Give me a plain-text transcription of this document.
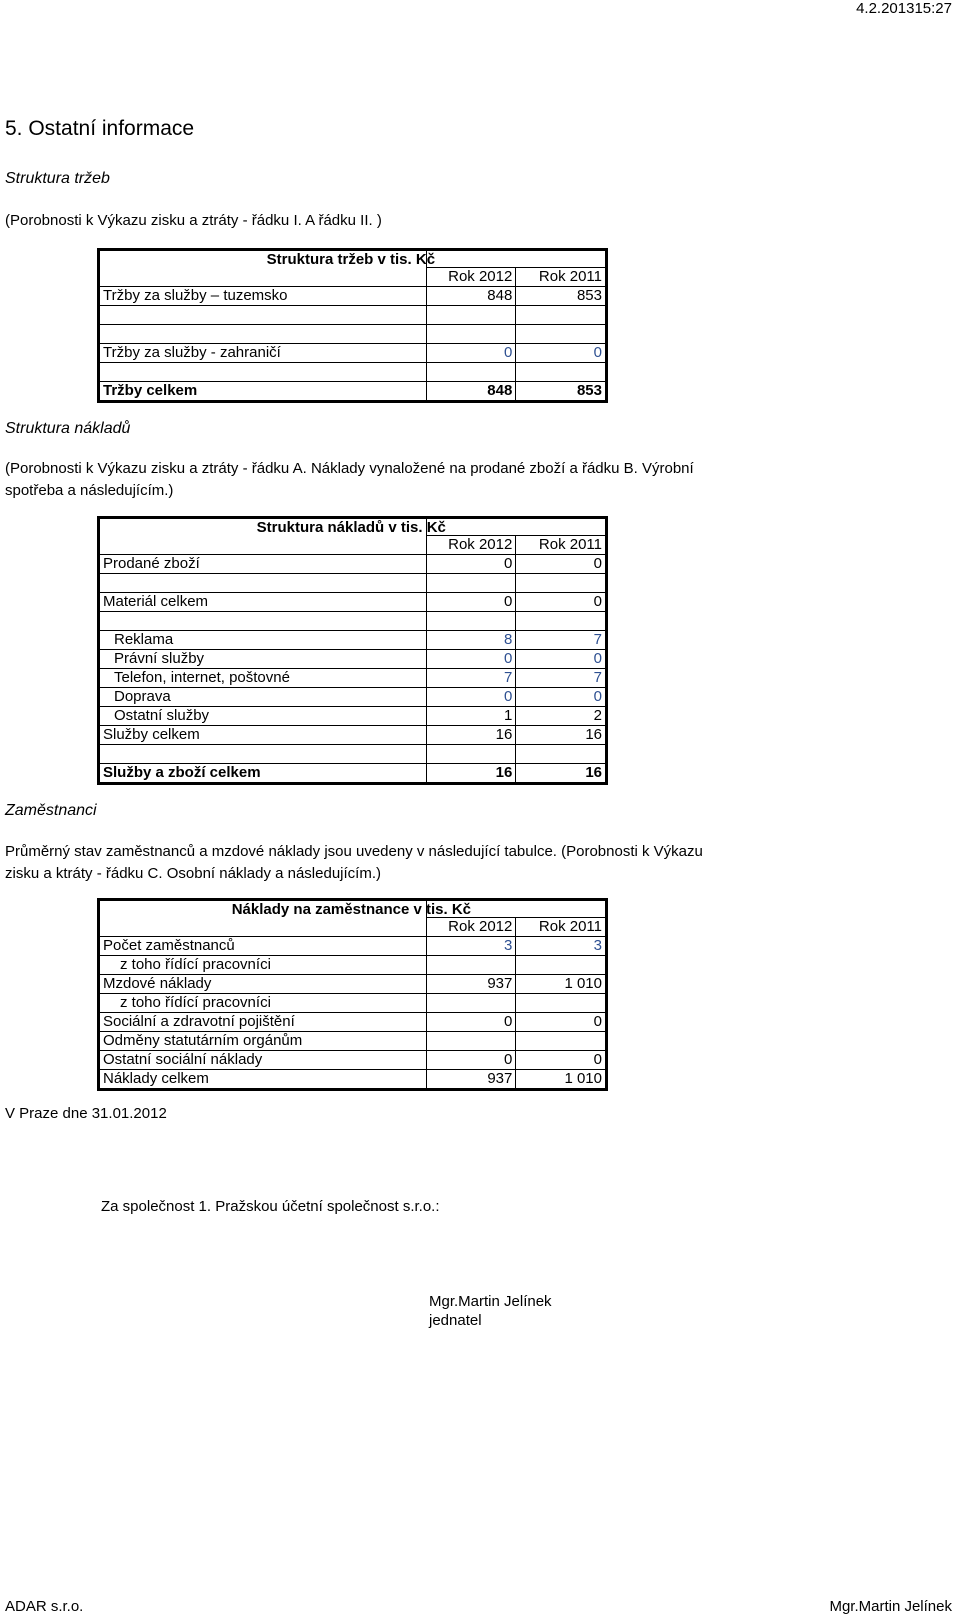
4.2.201315:27
5. Ostatní informace
Struktura tržeb
(Porobnosti k Výkazu zisku a ztráty - řádku I. A řádku II. )

	Struktura tržeb v tis. Kč	

	Rok 2012	Rok 2011
Tržby za služby – tuzemsko	848	853

Tržby za služby - zahraničí	0	0

Tržby celkem	848	853
Struktura nákladů
(Porobnosti k Výkazu zisku a ztráty - řádku A. Náklady vynaložené na prodané zboží a řádku B. Výrobní spotřeba a následujícím.)

	Struktura nákladů v tis. Kč	

	Rok 2012	Rok 2011
Prodané zboží	0	0

Materiál celkem	0	0

Reklama	8	7
Právní služby	0	0
Telefon, internet, poštovné	7	7
Doprava	0	0
Ostatní služby	1	2
Služby celkem	16	16

Služby a zboží celkem	16	16
Zaměstnanci
Průměrný stav zaměstnanců a mzdové náklady jsou uvedeny v následující tabulce. (Porobnosti k Výkazu zisku a ktráty - řádku C. Osobní náklady a následujícím.)

	Náklady na zaměstnance v tis. Kč	

	Rok 2012	Rok 2011
Počet zaměstnanců	3	3
z toho řídící pracovníci		
Mzdové náklady	937	1 010
z toho řídící pracovníci		
Sociální a zdravotní pojištění	0	0
Odměny statutárním orgánům		
Ostatní sociální náklady	0	0
Náklady celkem	937	1 010
V Praze dne 31.01.2012
Za společnost 1. Pražskou účetní společnost s.r.o.:
Mgr.Martin Jelínek
jednatel
ADAR s.r.o.	Mgr.Martin Jelínek
